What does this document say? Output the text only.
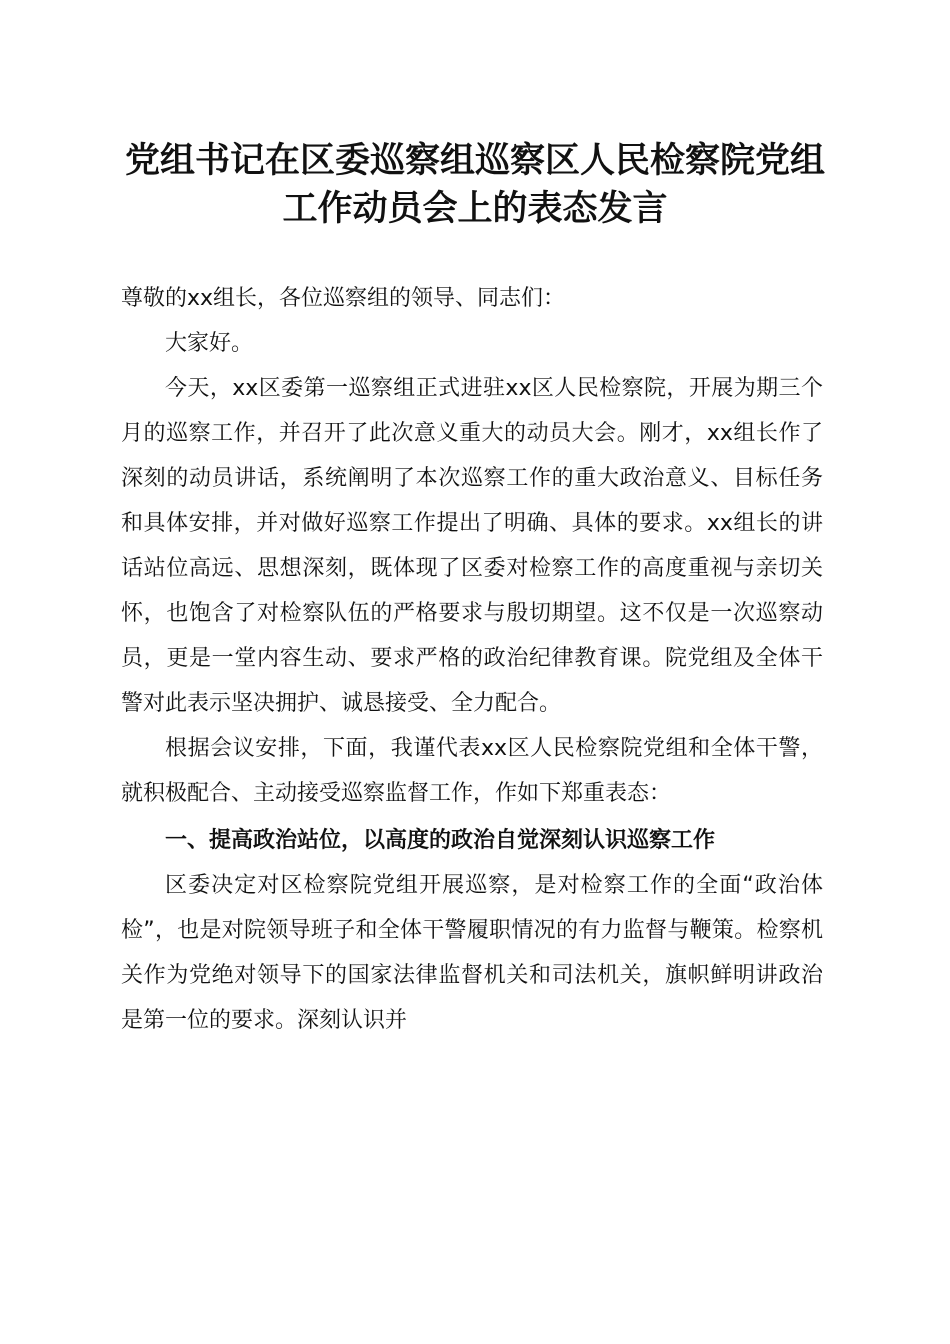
党组书记在区委巡察组巡察区人民检察院党组
工作动员会上的表态发言

尊敬的xx组长，各位巡察组的领导、同志们：

大家好。

今天，xx区委第一巡察组正式进驻xx区人民检察院，开展为期三个月的巡察工作，并召开了此次意义重大的动员大会。刚才，xx组长作了深刻的动员讲话，系统阐明了本次巡察工作的重大政治意义、目标任务和具体安排，并对做好巡察工作提出了明确、具体的要求。xx组长的讲话站位高远、思想深刻，既体现了区委对检察工作的高度重视与亲切关怀，也饱含了对检察队伍的严格要求与殷切期望。这不仅是一次巡察动员，更是一堂内容生动、要求严格的政治纪律教育课。院党组及全体干警对此表示坚决拥护、诚恳接受、全力配合。

根据会议安排，下面，我谨代表xx区人民检察院党组和全体干警，就积极配合、主动接受巡察监督工作，作如下郑重表态：

一、提高政治站位，以高度的政治自觉深刻认识巡察工作

区委决定对区检察院党组开展巡察，是对检察工作的全面“政治体检”，也是对院领导班子和全体干警履职情况的有力监督与鞭策。检察机关作为党绝对领导下的国家法律监督机关和司法机关，旗帜鲜明讲政治是第一位的要求。深刻认识并
